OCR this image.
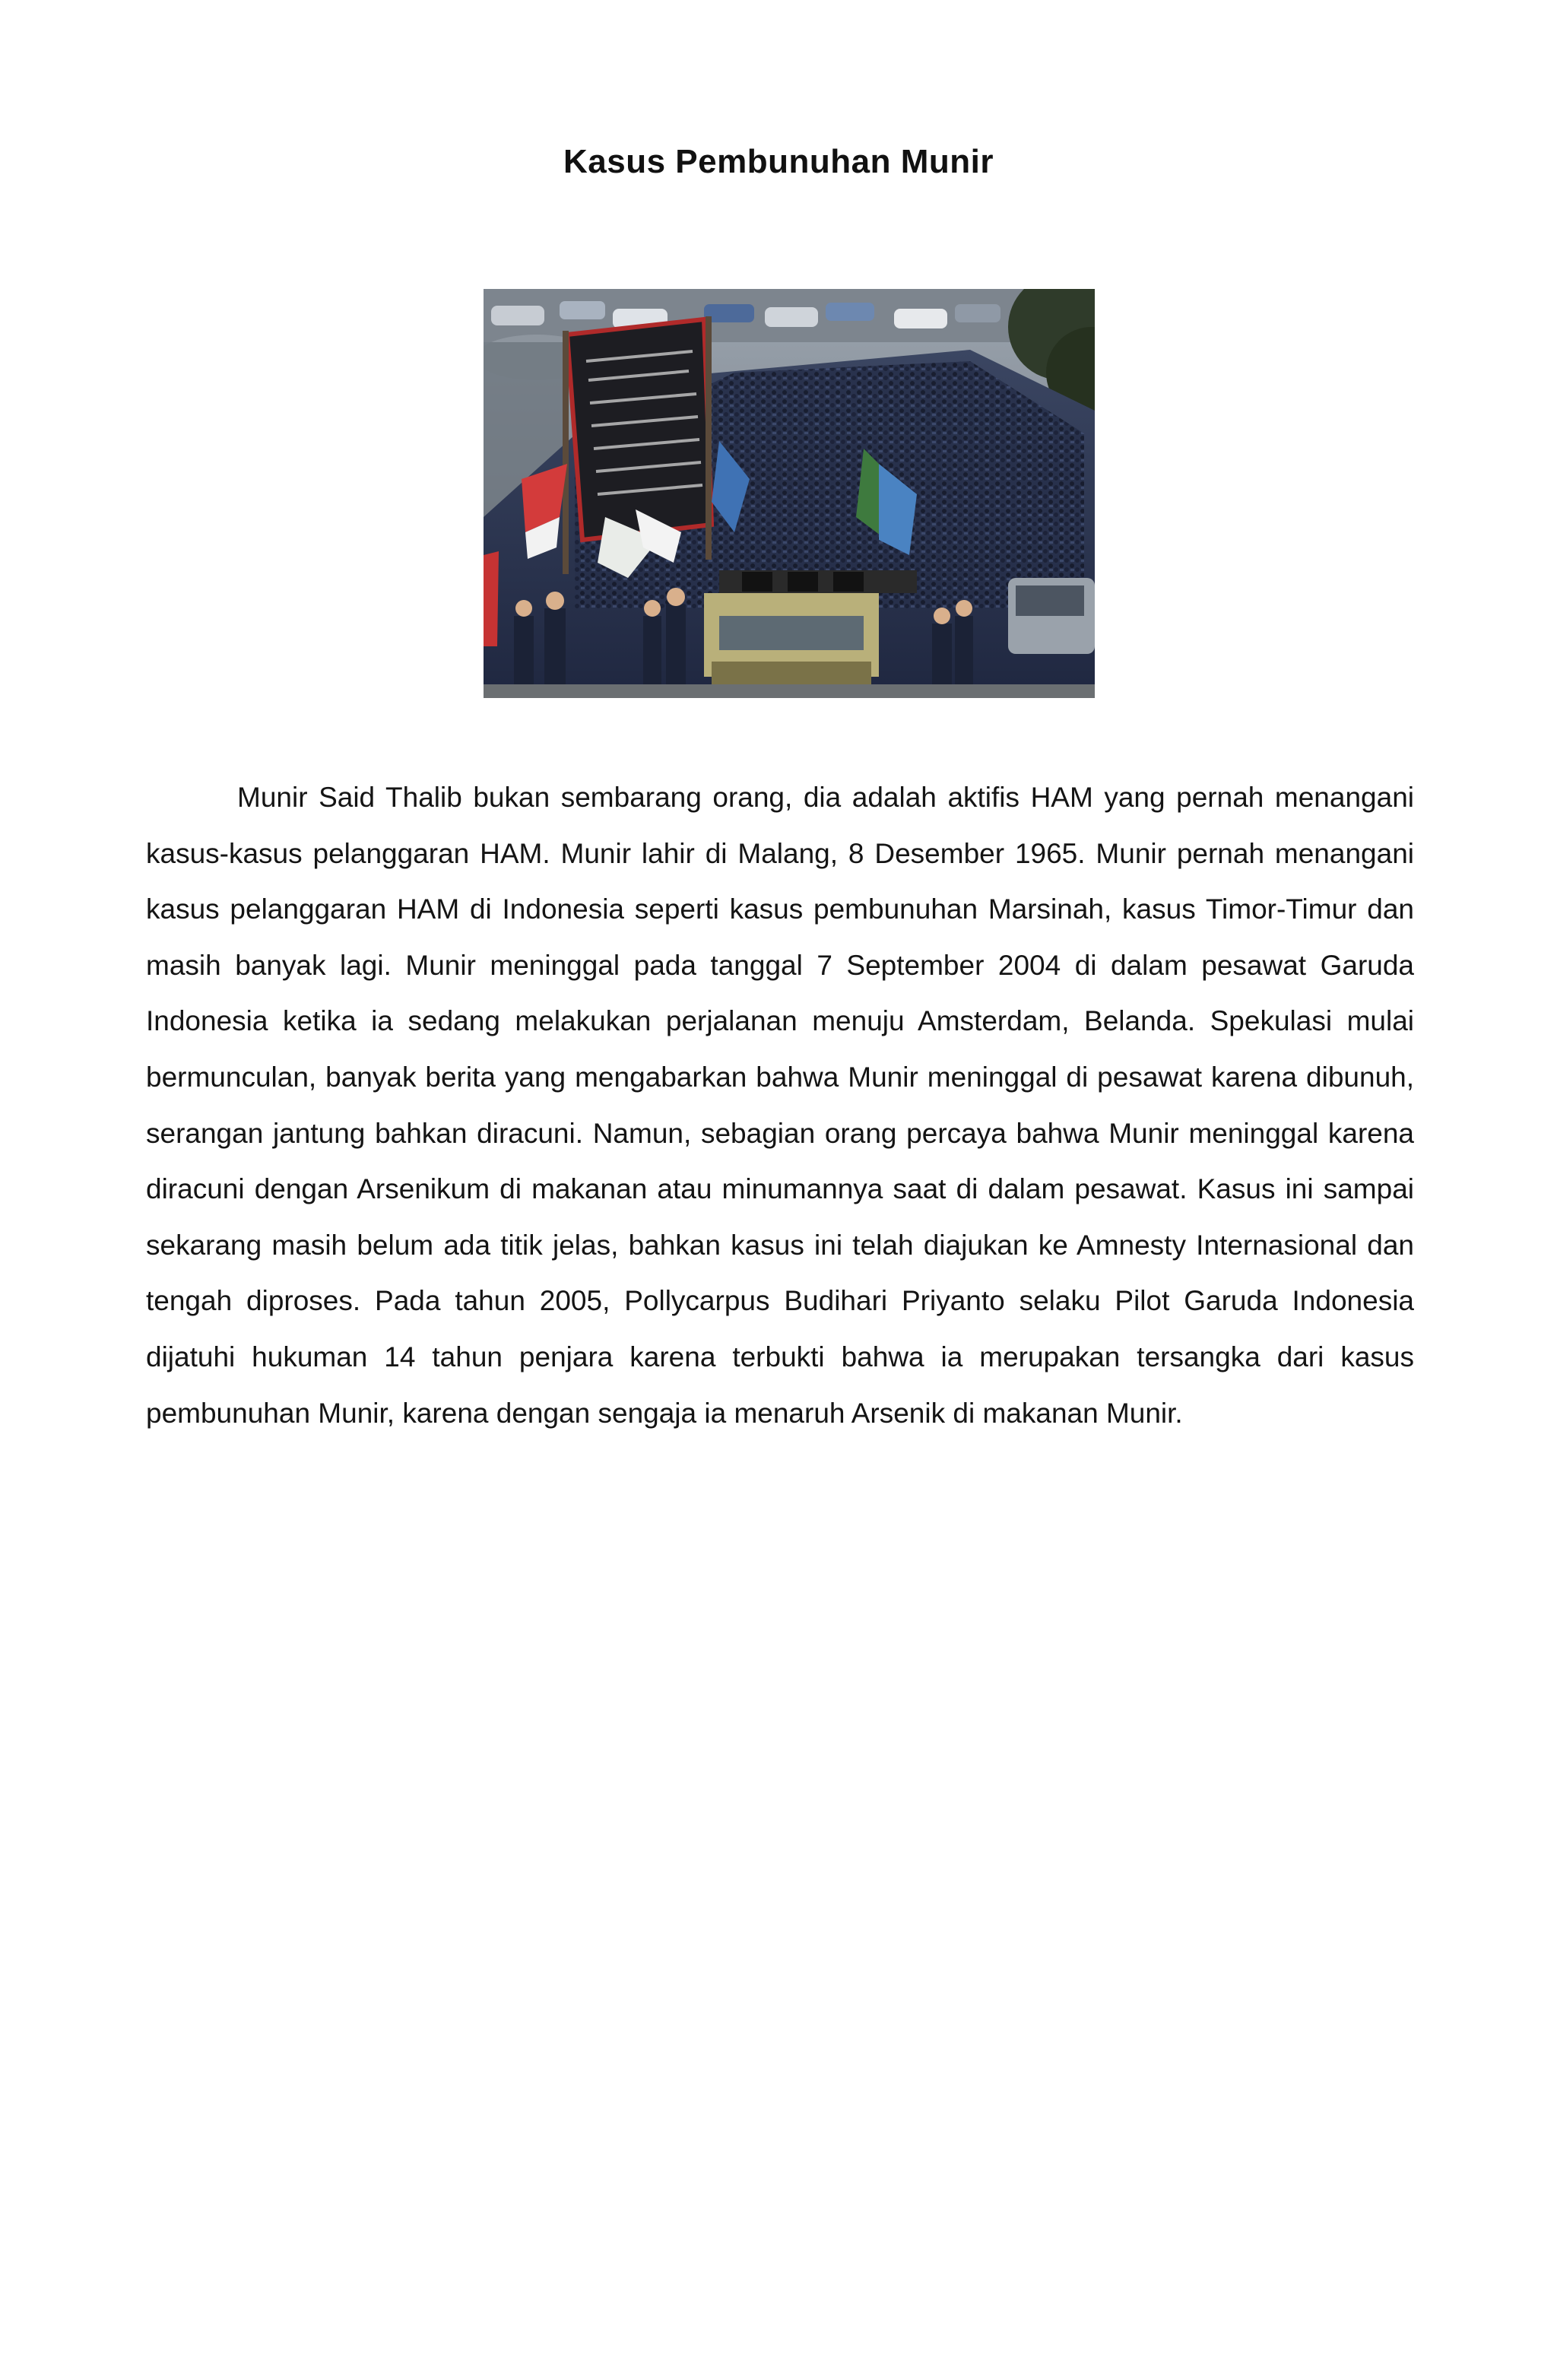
Kasus Pembunuhan Munir

Munir Said Thalib bukan sembarang orang, dia adalah aktifis HAM yang pernah menangani kasus-kasus pelanggaran HAM. Munir lahir di Malang, 8 Desember 1965. Munir pernah menangani kasus pelanggaran HAM di Indonesia seperti kasus pembunuhan Marsinah, kasus Timor-Timur dan masih banyak lagi. Munir meninggal pada tanggal 7 September 2004 di dalam pesawat Garuda Indonesia ketika ia sedang melakukan perjalanan menuju Amsterdam, Belanda. Spekulasi mulai bermunculan, banyak berita yang mengabarkan bahwa Munir meninggal di pesawat karena dibunuh, serangan jantung bahkan diracuni. Namun, sebagian orang percaya bahwa Munir meninggal karena diracuni dengan Arsenikum di makanan atau minumannya saat di dalam pesawat. Kasus ini sampai sekarang masih belum ada titik jelas, bahkan kasus ini telah diajukan ke Amnesty Internasional dan tengah diproses. Pada tahun 2005, Pollycarpus Budihari Priyanto selaku Pilot Garuda Indonesia dijatuhi hukuman 14 tahun penjara karena terbukti bahwa ia merupakan tersangka dari kasus pembunuhan Munir, karena dengan sengaja ia menaruh Arsenik di makanan Munir.
